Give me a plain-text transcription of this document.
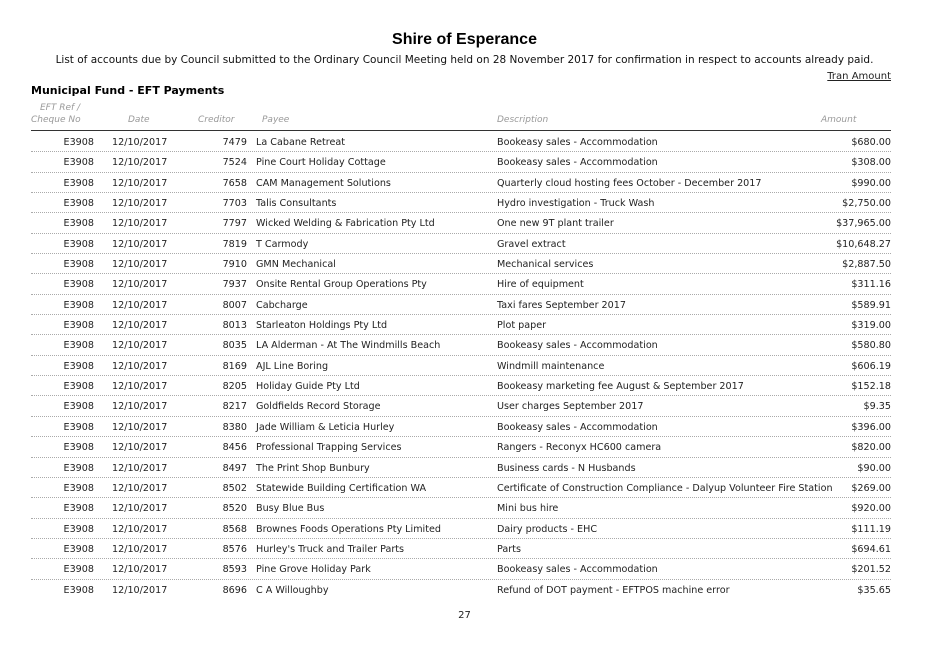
Shire of Esperance
List of accounts due by Council submitted to the Ordinary Council Meeting held on 28 November 2017 for confirmation in respect to accounts already paid.
Tran Amount
Municipal Fund - EFT Payments
EFT Ref /
Cheque No	Date	Creditor	Payee	Description	Amount
E3908 12/10/2017	7479 La Cabane Retreat	Bookeasy sales - Accommodation	$680.00
E3908 12/10/2017	7524 Pine Court Holiday Cottage	Bookeasy sales - Accommodation	$308.00
E3908 12/10/2017	7658 CAM Management Solutions	Quarterly cloud hosting fees October - December 2017	$990.00
E3908 12/10/2017	7703 Talis Consultants	Hydro investigation - Truck Wash	$2,750.00
E3908 12/10/2017	7797 Wicked Welding & Fabrication Pty Ltd	One new 9T plant trailer	$37,965.00
E3908 12/10/2017	7819 T Carmody	Gravel extract	$10,648.27
E3908 12/10/2017	7910 GMN Mechanical	Mechanical services	$2,887.50
E3908 12/10/2017	7937 Onsite Rental Group Operations Pty	Hire of equipment	$311.16
E3908 12/10/2017	8007 Cabcharge	Taxi fares September 2017	$589.91
E3908 12/10/2017	8013 Starleaton Holdings Pty Ltd	Plot paper	$319.00
E3908 12/10/2017	8035 LA Alderman - At The Windmills Beach	Bookeasy sales - Accommodation	$580.80
E3908 12/10/2017	8169 AJL Line Boring	Windmill maintenance	$606.19
E3908 12/10/2017	8205 Holiday Guide Pty Ltd	Bookeasy marketing fee August & September 2017	$152.18
E3908 12/10/2017	8217 Goldfields Record Storage	User charges September 2017	$9.35
E3908 12/10/2017	8380 Jade William & Leticia Hurley	Bookeasy sales - Accommodation	$396.00
E3908 12/10/2017	8456 Professional Trapping Services	Rangers - Reconyx HC600 camera	$820.00
E3908 12/10/2017	8497 The Print Shop Bunbury	Business cards - N Husbands	$90.00
E3908 12/10/2017	8502 Statewide Building Certification WA	Certificate of Construction Compliance - Dalyup Volunteer Fire Station	$269.00
E3908 12/10/2017	8520 Busy Blue Bus	Mini bus hire	$920.00
E3908 12/10/2017	8568 Brownes Foods Operations Pty Limited	Dairy products - EHC	$111.19
E3908 12/10/2017	8576 Hurley's Truck and Trailer Parts	Parts	$694.61
E3908 12/10/2017	8593 Pine Grove Holiday Park	Bookeasy sales - Accommodation	$201.52
E3908 12/10/2017	8696 C A Willoughby	Refund of DOT payment - EFTPOS machine error	$35.65
27
